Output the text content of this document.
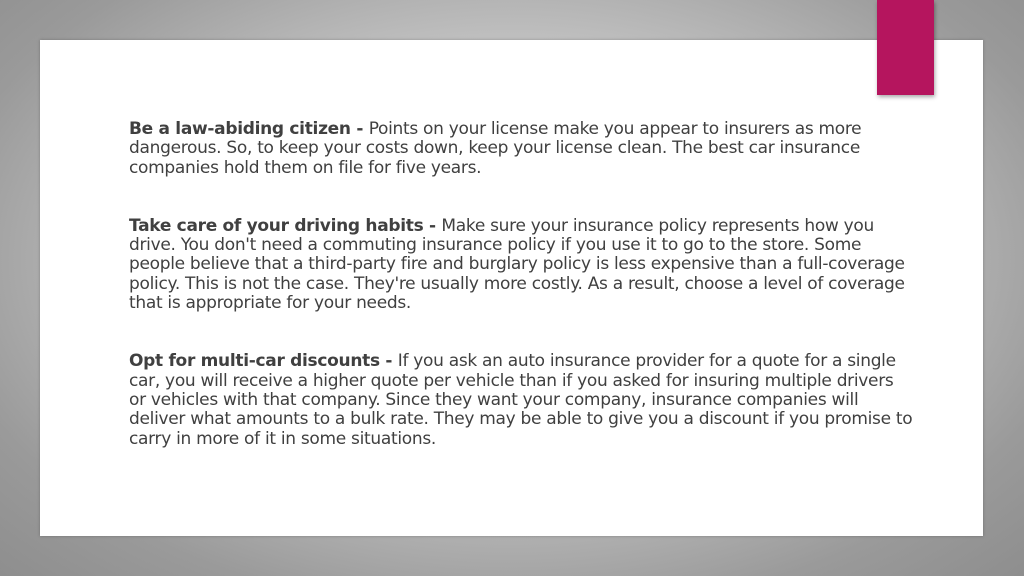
Be a law-abiding citizen - Points on your license make you appear to insurers as more dangerous. So, to keep your costs down, keep your license clean. The best car insurance companies hold them on file for five years.

Take care of your driving habits - Make sure your insurance policy represents how you drive. You don't need a commuting insurance policy if you use it to go to the store. Some people believe that a third-party fire and burglary policy is less expensive than a full-coverage policy. This is not the case. They're usually more costly. As a result, choose a level of coverage that is appropriate for your needs.

Opt for multi-car discounts - If you ask an auto insurance provider for a quote for a single car, you will receive a higher quote per vehicle than if you asked for insuring multiple drivers or vehicles with that company. Since they want your company, insurance companies will deliver what amounts to a bulk rate. They may be able to give you a discount if you promise to carry in more of it in some situations.
